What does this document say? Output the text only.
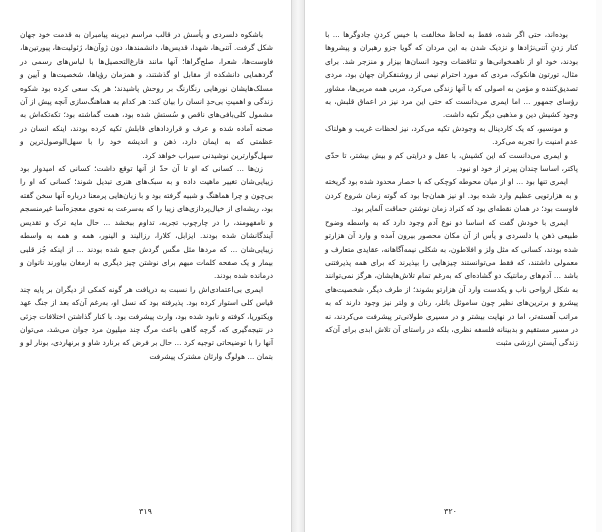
باشکوه دلسردی و یأسش در قالب مراسم دیرینه پیامبران به قدمت خود جهان شکل گرفت. آتنی‌ها، شهدا، قدیس‌ها، دانشمندها، دون ژوآن‌ها، ژئولیت‌ها، پیورتین‌ها، فاوست‌ها، شعرا، صلح‌گراها؛ آنها مانند فارغ‌التحصیل‌ها با لباس‌های رسمی در گردهمایی دانشکده از مقابل او گذشتند، و همزمان رؤیاها، شخصیت‌ها و آیین و مسلک‌هایشان نورهایی رنگارنگ بر روحش پاشیدند؛ هر یک سعی کرده بود شکوه زندگی و اهمیتِ بی‌حدِ انسان را بیان کند: هر کدام به هماهنگ‌سازی آنچه پیش از آن مشمول کلی‌بافی‌های ناقص و سُستش شده بود، همت گماشته بود؛ تکه‌تکه‌اش به صحنه آماده شده و عرف و قراردادهای قابلش تکیه کرده بودند، اینکه انسان در عظمتی که به ایمان دارد، ذهن و اندیشه خود را با سهل‌الوصول‌ترین و سهل‌گوارترین نوشیدنی سیراب خواهد کرد.

زن‌ها ... کسانی که او تا آن حدّ از آنها توقع داشت؛ کسانی که امیدوار بود زیبایی‌شان تغییر ماهیت داده و به سبک‌های هنری تبدیل شوند؛ کسانی که او را بی‌چون و چرا هماهنگ و شبیه گرفته بود و با زبان‌هایی پرمعنا درباره آنها سخن گفته بود، ریشه‌ای از خیال‌پردازی‌های زیبا را که به‌سرعت به نحوی معجزه‌آسا غیرمنسجم و نامفهومند، را در چارچوب تجربه، تداوم ببخشد ... حال مایه ترک و تقدیس آیندگانشان شده بودند. ایزابل، کلارا، رزالیند و الینور، همه و همه به واسطه زیبایی‌شان ... که مردها مثل مگس گردش جمع شده بودند ... از اینکه جُز قلبی بیمار و یک صفحه کلمات مبهم برای نوشتن چیز دیگری به ارمغان بیاورند ناتوان و درمانده شده بودند.

ایمری بی‌اعتمادی‌اش را نسبت به دریافت هر گونه کمکی از دیگران بر پایه چند قیاس کلی استوار کرده بود. پذیرفته بود که نسل او، به‌رغم آن‌که بعد از جنگ عهد ویکتوریا، کوفته و نابود شده بود، وارث پیشرفت بود. با کنار گذاشتن اختلافات جزئی در نتیجه‌گیری که، گرچه گاهی باعث مرگ چند میلیون مرد جوان می‌شد، می‌توان آنها را با توضیحاتی توجیه کرد ... حال بر فرض که برنارد شاو و برنهاردی، بونار لو و بتمان ... هولوگ وارثان مشترک پیشرفت

۳۱۹

بوده‌اند، حتی اگر شده، فقط به لحاظ مخالفت با خیس کردنِ جادوگرها ... با کنار زدنِ آتنی‌نژادها و نزدیک شدن به این مردان که گویا جزو رهبران و پیشروها بودند، خود او از ناهمخوانی‌ها و تناقضات وجود انسان‌ها بیزار و منزجر شد. برای مثال، تورتون هانکوک، مردی که مورد احترام نیمی از روشنفکران جهان بود، مردی تصدیق‌کننده و مؤمن به اصولی که با آنها زندگی می‌کرد، مربی همه مربی‌ها، مشاور رؤسای جمهور ... اما ایمری می‌دانست که حتی این مرد نیز در اعماق قلبش، به وجود کشیش دین و مذهبی دیگر تکیه داشت.

و مونسیو، که یک کاردینال به وجودش تکیه می‌کرد، نیز لحظات غریب و هولناک عدم امنیت را تجربه می‌کرد.

و ایمری می‌دانست که این کشیش، با عقل و درایتی کم و بیش بیشتر، تا حدّی پاکتر، اساسا چندان پیرتر از خود او نبود.

ایمری تنها بود ... او از میان محوطه کوچکی که با حصار محدود شده بود گریخته و به هزارتویی عظیم وارد شده بود. او نیز همان‌جا بود که گوته زمان شروع کردن فاوست بود؛ در همان نقطه‌ای بود که کنراد زمان نوشتن حماقت آلمایر بود.

ایمری با خودش گفت که اساسا دو نوع آدم وجود دارد که به واسطه وضوح طبیعی ذهن یا دلسردی و یأس از آن مکان محصور بیرون آمده و وارد آن هزارتو شده بودند، کسانی که مثل ولز و افلاطون، به شکلی نیمه‌آگاهانه، عقایدی متعارف و معمولی داشتند، که فقط می‌توانستند چیزهایی را بپذیرند که برای همه پذیرفتنی باشد ... آدم‌های رمانتیک دو گشاده‌ای که به‌رغم تمام تلاش‌هایشان، هرگز نمی‌توانند به شکل ارواحی ناب و یکدست وارد آن هزارتو بشوند؛ از طرف دیگر، شخصیت‌های پیشرو و برترین‌های نظیر چون ساموئل باتلر، رنان و ولتر نیز وجود دارند که به مراتب آهسته‌تر، اما در نهایت بیشتر و در مسیری طولانی‌تر پیشرفت می‌کردند، نه در مسیر مستقیم و بدبینانه فلسفه نظری، بلکه در راستای آن تلاش ابدی برای آن‌که زندگی آیستن ارزشی مثبت

۳۲۰
